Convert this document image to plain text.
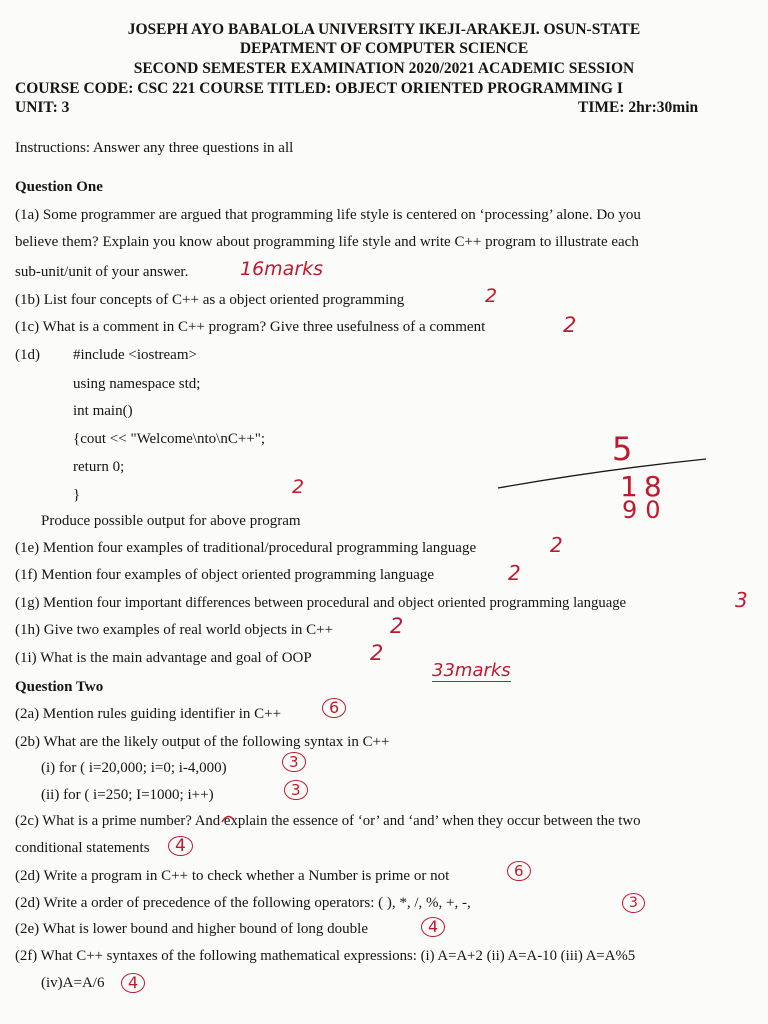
JOSEPH AYO BABALOLA UNIVERSITY IKEJI-ARAKEJI. OSUN-STATE
DEPATMENT OF COMPUTER SCIENCE
SECOND SEMESTER EXAMINATION 2020/2021 ACADEMIC SESSION
COURSE CODE: CSC 221 COURSE TITLED: OBJECT ORIENTED PROGRAMMING I
UNIT: 3	TIME: 2hr:30min
Instructions: Answer any three questions in all
Question One
(1a) Some programmer are argued that programming life style is centered on ‘processing’ alone. Do you
believe them? Explain you know about programming life style and write C++ program to illustrate each
sub-unit/unit of your answer.
(1b) List four concepts of C++ as a object oriented programming
(1c) What is a comment in C++ program? Give three usefulness of a comment
(1d) #include <iostream>
using namespace std;
int main()
{cout << "Welcome\nto\nC++";
return 0;
}
Produce possible output for above program
(1e) Mention four examples of traditional/procedural programming language
(1f) Mention four examples of object oriented programming language
(1g) Mention four important differences between procedural and object oriented programming language
(1h) Give two examples of real world objects in C++
(1i) What is the main advantage and goal of OOP
Question Two
(2a) Mention rules guiding identifier in C++
(2b) What are the likely output of the following syntax in C++
(i) for ( i=20,000; i=0; i-4,000)
(ii) for ( i=250; I=1000; i++)
(2c) What is a prime number? And explain the essence of ‘or’ and ‘and’ when they occur between the two
conditional statements
(2d) Write a program in C++ to check whether a Number is prime or not
(2d) Write a order of precedence of the following operators: ( ), *, /, %, +, -,
(2e) What is lower bound and higher bound of long double
(2f) What C++ syntaxes of the following mathematical expressions: (i) A=A+2 (ii) A=A-10 (iii) A=A%5
(iv)A=A/6
16marks
2
2
2
2
2
3
2
2
33marks
5
18
90
6
3
3
4
6
3
4
4
